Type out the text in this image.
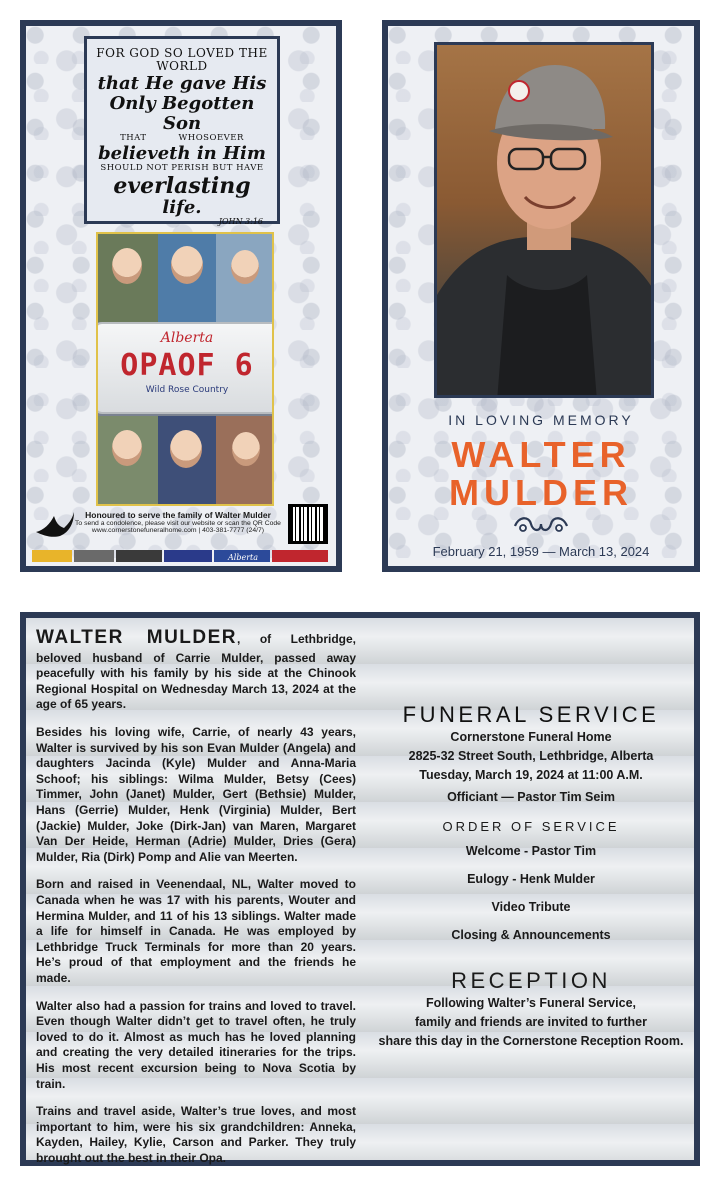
FOR GOD SO LOVED THE WORLD
that He gave His
Only Begotten Son
THAT	WHOSOEVER
believeth in Him
SHOULD NOT PERISH BUT HAVE
everlasting
life.
JOHN 3:16
Alberta
OPAOF 6
Wild Rose Country
Honoured to serve the family of Walter Mulder
To send a condolence, please visit our website or scan the QR Code
www.cornerstonefuneralhome.com | 403-381-7777 (24/7)
Alberta
IN LOVING MEMORY
WALTER
MULDER
February 21, 1959 — March 13, 2024

WALTER MULDER, of Lethbridge, beloved husband of Carrie Mulder, passed away peacefully with his family by his side at the Chinook Regional Hospital on Wednesday March 13, 2024 at the age of 65 years.

Besides his loving wife, Carrie, of nearly 43 years, Walter is survived by his son Evan Mulder (Angela) and daughters Jacinda (Kyle) Mulder and Anna-Maria Schoof; his siblings: Wilma Mulder, Betsy (Cees) Timmer, John (Janet) Mulder, Gert (Bethsie) Mulder, Hans (Gerrie) Mulder, Henk (Virginia) Mulder, Bert (Jackie) Mulder, Joke (Dirk-Jan) van Maren, Margaret Van Der Heide, Herman (Adrie) Mulder, Dries (Gera) Mulder, Ria (Dirk) Pomp and Alie van Meerten.

Born and raised in Veenendaal, NL, Walter moved to Canada when he was 17 with his parents, Wouter and Hermina Mulder, and 11 of his 13 siblings. Walter made a life for himself in Canada. He was employed by Lethbridge Truck Terminals for more than 20 years. He’s proud of that employment and the friends he made.

Walter also had a passion for trains and loved to travel. Even though Walter didn’t get to travel often, he truly loved to do it. Almost as much has he loved planning and creating the very detailed itineraries for the trips. His most recent excursion being to Nova Scotia by train.

Trains and travel aside, Walter’s true loves, and most important to him, were his six grandchildren: Anneka, Kayden, Hailey, Kylie, Carson and Parker. They truly brought out the best in their Opa.

FUNERAL SERVICE
Cornerstone Funeral Home
2825-32 Street South, Lethbridge, Alberta
Tuesday, March 19, 2024 at 11:00 A.M.
Officiant — Pastor Tim Seim
ORDER OF SERVICE
Welcome - Pastor Tim
Eulogy - Henk Mulder
Video Tribute
Closing & Announcements
RECEPTION
Following Walter’s Funeral Service,
family and friends are invited to further
share this day in the Cornerstone Reception Room.
